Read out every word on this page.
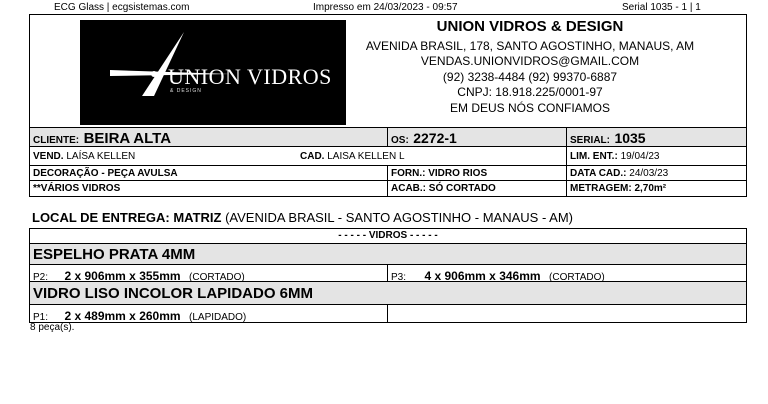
ECG Glass | ecgsistemas.com	Impresso em 24/03/2023 - 09:57	Serial 1035 - 1 | 1
UNION VIDROS
& DESIGN
UNION VIDROS & DESIGN
AVENIDA BRASIL, 178, SANTO AGOSTINHO, MANAUS, AM
VENDAS.UNIONVIDROS@GMAIL.COM
(92) 3238-4484 (92) 99370-6887
CNPJ: 18.918.225/0001-97
EM DEUS NÓS CONFIAMOS
CLIENTE: BEIRA ALTA	OS: 2272-1	SERIAL: 1035
VEND. LAÍSA KELLEN	CAD. LAISA KELLEN L	LIM. ENT.: 19/04/23
DECORAÇÃO - PEÇA AVULSA	FORN.: VIDRO RIOS	DATA CAD.: 24/03/23
**VÁRIOS VIDROS	ACAB.: SÓ CORTADO	METRAGEM: 2,70m²
LOCAL DE ENTREGA: MATRIZ (AVENIDA BRASIL - SANTO AGOSTINHO - MANAUS - AM)
- - - - - VIDROS - - - - -
ESPELHO PRATA 4MM
P2: 2 x 906mm x 355mm (CORTADO)	P3: 4 x 906mm x 346mm (CORTADO)
VIDRO LISO INCOLOR LAPIDADO 6MM
P1: 2 x 489mm x 260mm (LAPIDADO)
8 peça(s).
